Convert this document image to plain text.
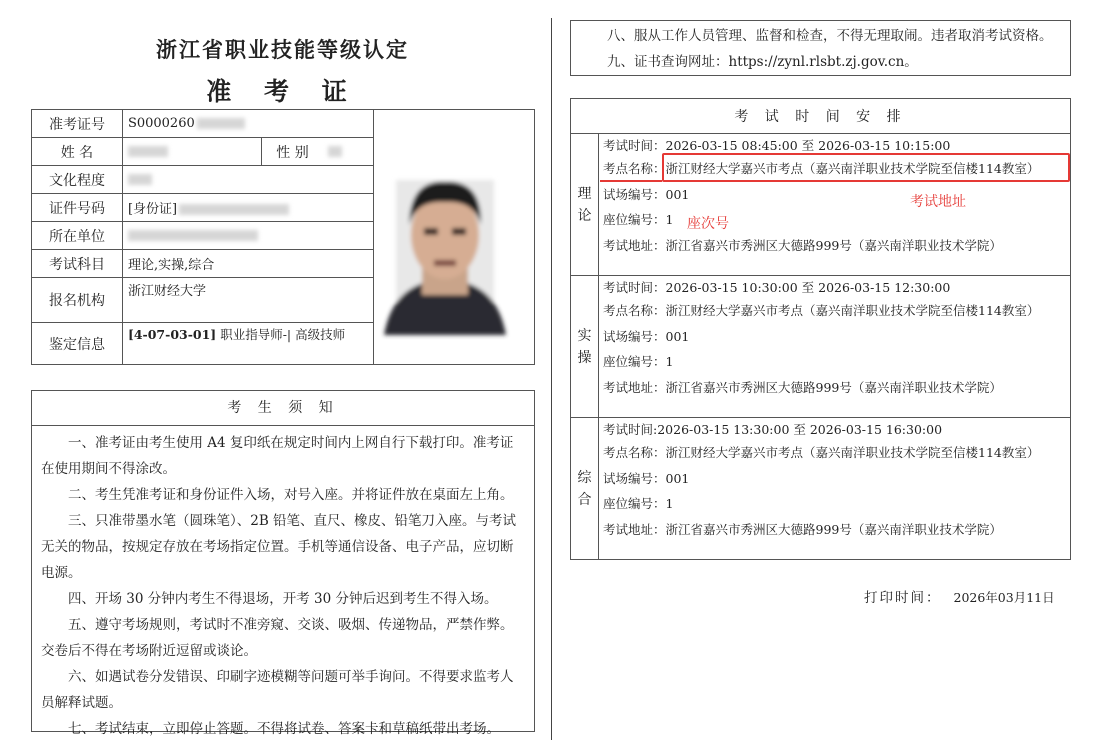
浙江省职业技能等级认定
准 考 证
准考证号	S0000260	

姓 名		性 别		
文化程度				
证件号码	[身份证]			
所在单位				
考试科目	理论,实操,综合			
报名机构	浙江财经大学			
鉴定信息	[4-07-03-01] 职业指导师-| 高级技师			
考 生 须 知

一、准考证由考生使用 A4 复印纸在规定时间内上网自行下载打印。准考证在使用期间不得涂改。

二、考生凭准考证和身份证件入场，对号入座。并将证件放在桌面左上角。

三、只准带墨水笔（圆珠笔）、2B 铅笔、直尺、橡皮、铅笔刀入座。与考试无关的物品，按规定存放在考场指定位置。手机等通信设备、电子产品，应切断电源。

四、开场 30 分钟内考生不得退场，开考 30 分钟后迟到考生不得入场。

五、遵守考场规则，考试时不准旁窥、交谈、吸烟、传递物品，严禁作弊。交卷后不得在考场附近逗留或谈论。

六、如遇试卷分发错误、印刷字迹模糊等问题可举手询问。不得要求监考人员解释试题。

七、考试结束，立即停止答题。不得将试卷、答案卡和草稿纸带出考场。

八、服从工作人员管理、监督和检查，不得无理取闹。违者取消考试资格。
九、证书查询网址：https://zynl.rlsbt.zj.gov.cn。
考 试 时 间 安 排	
理论	考试时间：2026-03-15 08:45:00 至 2026-03-15 10:15:00
考点名称：浙江财经大学嘉兴市考点（嘉兴南洋职业技术学院至信楼114教室）
试场编号：001
座位编号：1
考试地址：浙江省嘉兴市秀洲区大德路999号（嘉兴南洋职业技术学院）

实操	考试时间：2026-03-15 10:30:00 至 2026-03-15 12:30:00
考点名称：浙江财经大学嘉兴市考点（嘉兴南洋职业技术学院至信楼114教室）
试场编号：001
座位编号：1
考试地址：浙江省嘉兴市秀洲区大德路999号（嘉兴南洋职业技术学院）

综合	考试时间:2026-03-15 13:30:00 至 2026-03-15 16:30:00
考点名称：浙江财经大学嘉兴市考点（嘉兴南洋职业技术学院至信楼114教室）
试场编号：001
座位编号：1
考试地址：浙江省嘉兴市秀洲区大德路999号（嘉兴南洋职业技术学院）
考试地址
座次号
打印时间： 2026年03月11日
